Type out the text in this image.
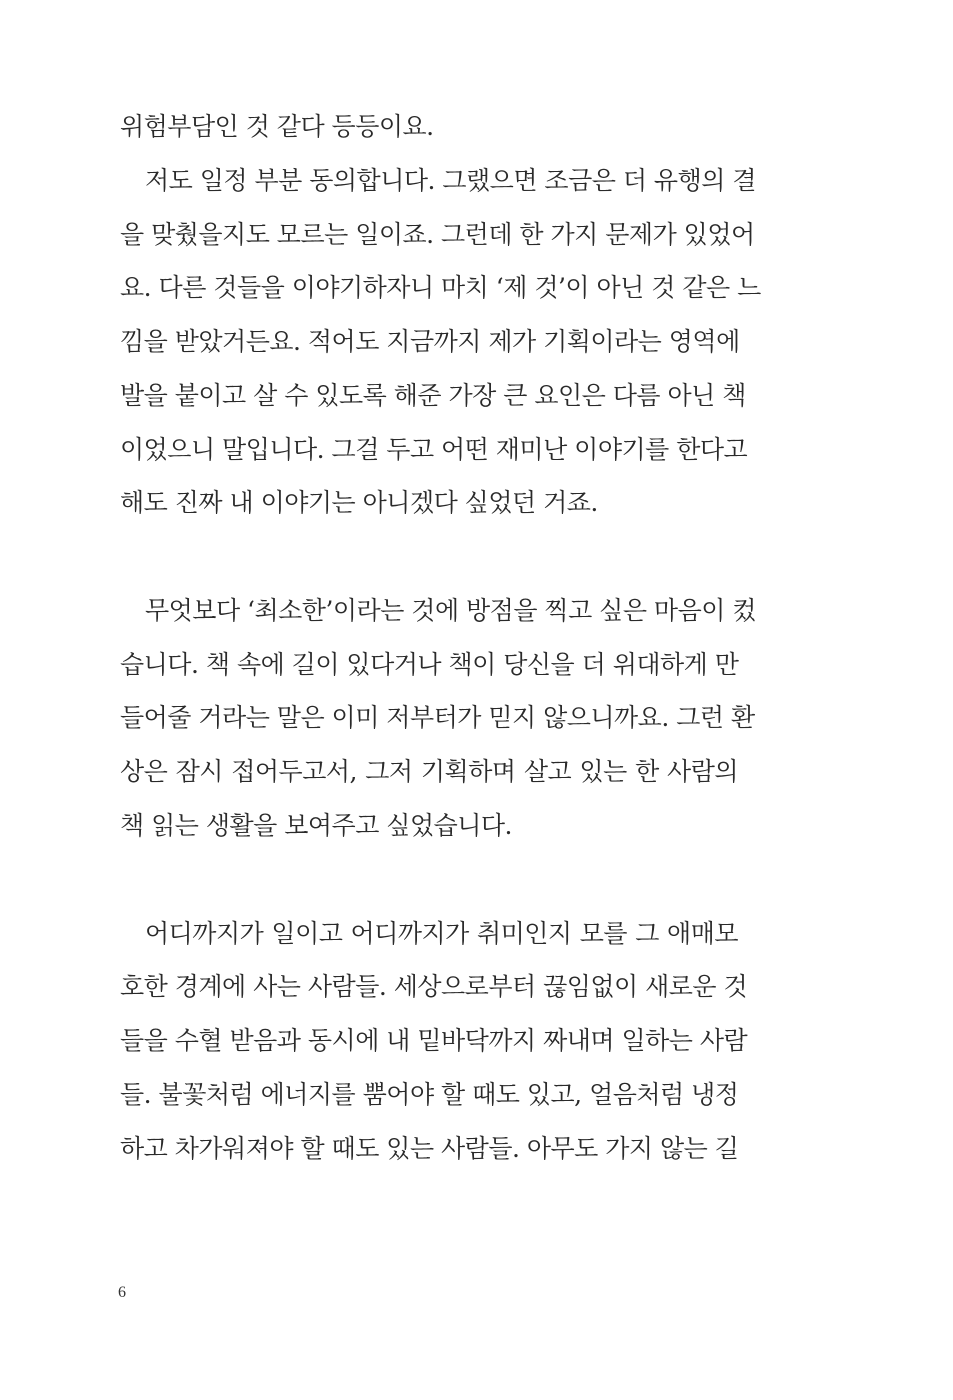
위험부담인 것 같다 등등이요.
저도 일정 부분 동의합니다. 그랬으면 조금은 더 유행의 결
을 맞췄을지도 모르는 일이죠. 그런데 한 가지 문제가 있었어
요. 다른 것들을 이야기하자니 마치 ‘제 것’이 아닌 것 같은 느
낌을 받았거든요. 적어도 지금까지 제가 기획이라는 영역에
발을 붙이고 살 수 있도록 해준 가장 큰 요인은 다름 아닌 책
이었으니 말입니다. 그걸 두고 어떤 재미난 이야기를 한다고
해도 진짜 내 이야기는 아니겠다 싶었던 거죠.
무엇보다 ‘최소한’이라는 것에 방점을 찍고 싶은 마음이 컸
습니다. 책 속에 길이 있다거나 책이 당신을 더 위대하게 만
들어줄 거라는 말은 이미 저부터가 믿지 않으니까요. 그런 환
상은 잠시 접어두고서, 그저 기획하며 살고 있는 한 사람의
책 읽는 생활을 보여주고 싶었습니다.
어디까지가 일이고 어디까지가 취미인지 모를 그 애매모
호한 경계에 사는 사람들. 세상으로부터 끊임없이 새로운 것
들을 수혈 받음과 동시에 내 밑바닥까지 짜내며 일하는 사람
들. 불꽃처럼 에너지를 뿜어야 할 때도 있고, 얼음처럼 냉정
하고 차가워져야 할 때도 있는 사람들. 아무도 가지 않는 길
6
